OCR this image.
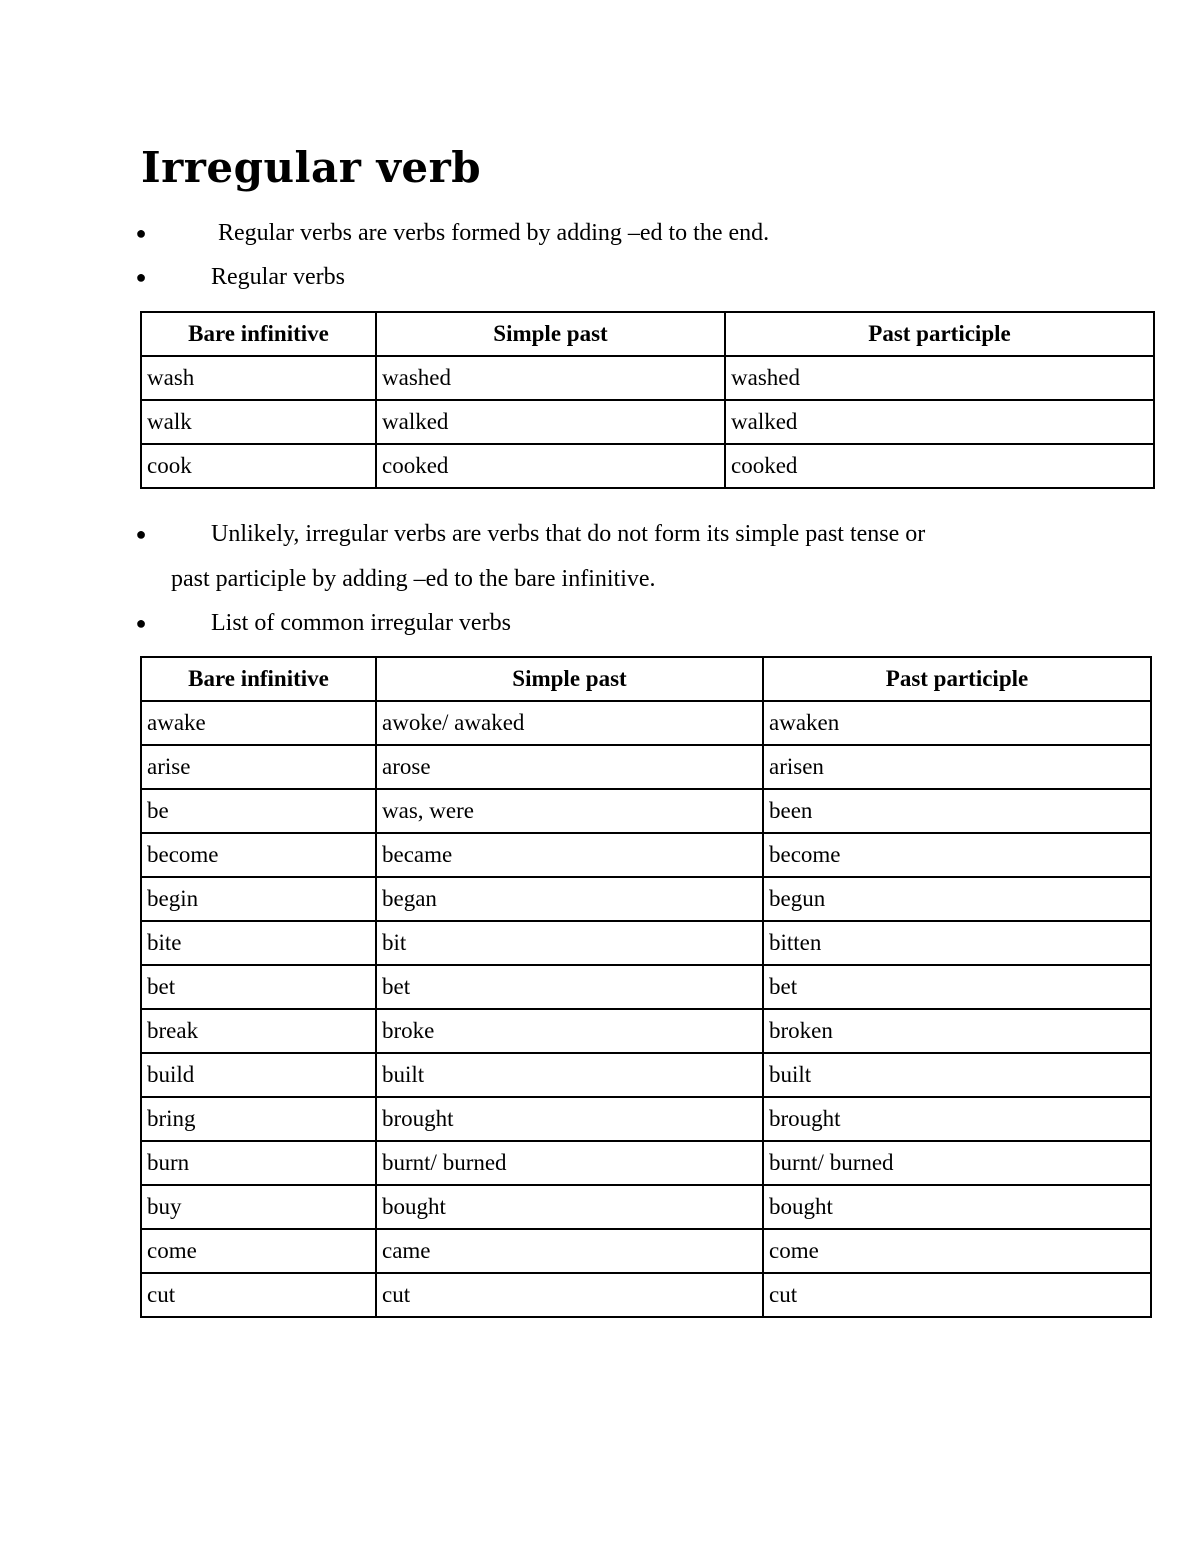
Irregular verb
●	Regular verbs are verbs formed by adding –ed to the end.
●	Regular verbs
Bare infinitive	Simple past	Past participle
wash	washed	washed
walk	walked	walked
cook	cooked	cooked
●	Unlikely, irregular verbs are verbs that do not form its simple past tense or
past participle by adding –ed to the bare infinitive.
●	List of common irregular verbs
Bare infinitive	Simple past	Past participle
awake	awoke/ awaked	awaken
arise	arose	arisen
be	was, were	been
become	became	become
begin	began	begun
bite	bit	bitten
bet	bet	bet
break	broke	broken
build	built	built
bring	brought	brought
burn	burnt/ burned	burnt/ burned
buy	bought	bought
come	came	come
cut	cut	cut
